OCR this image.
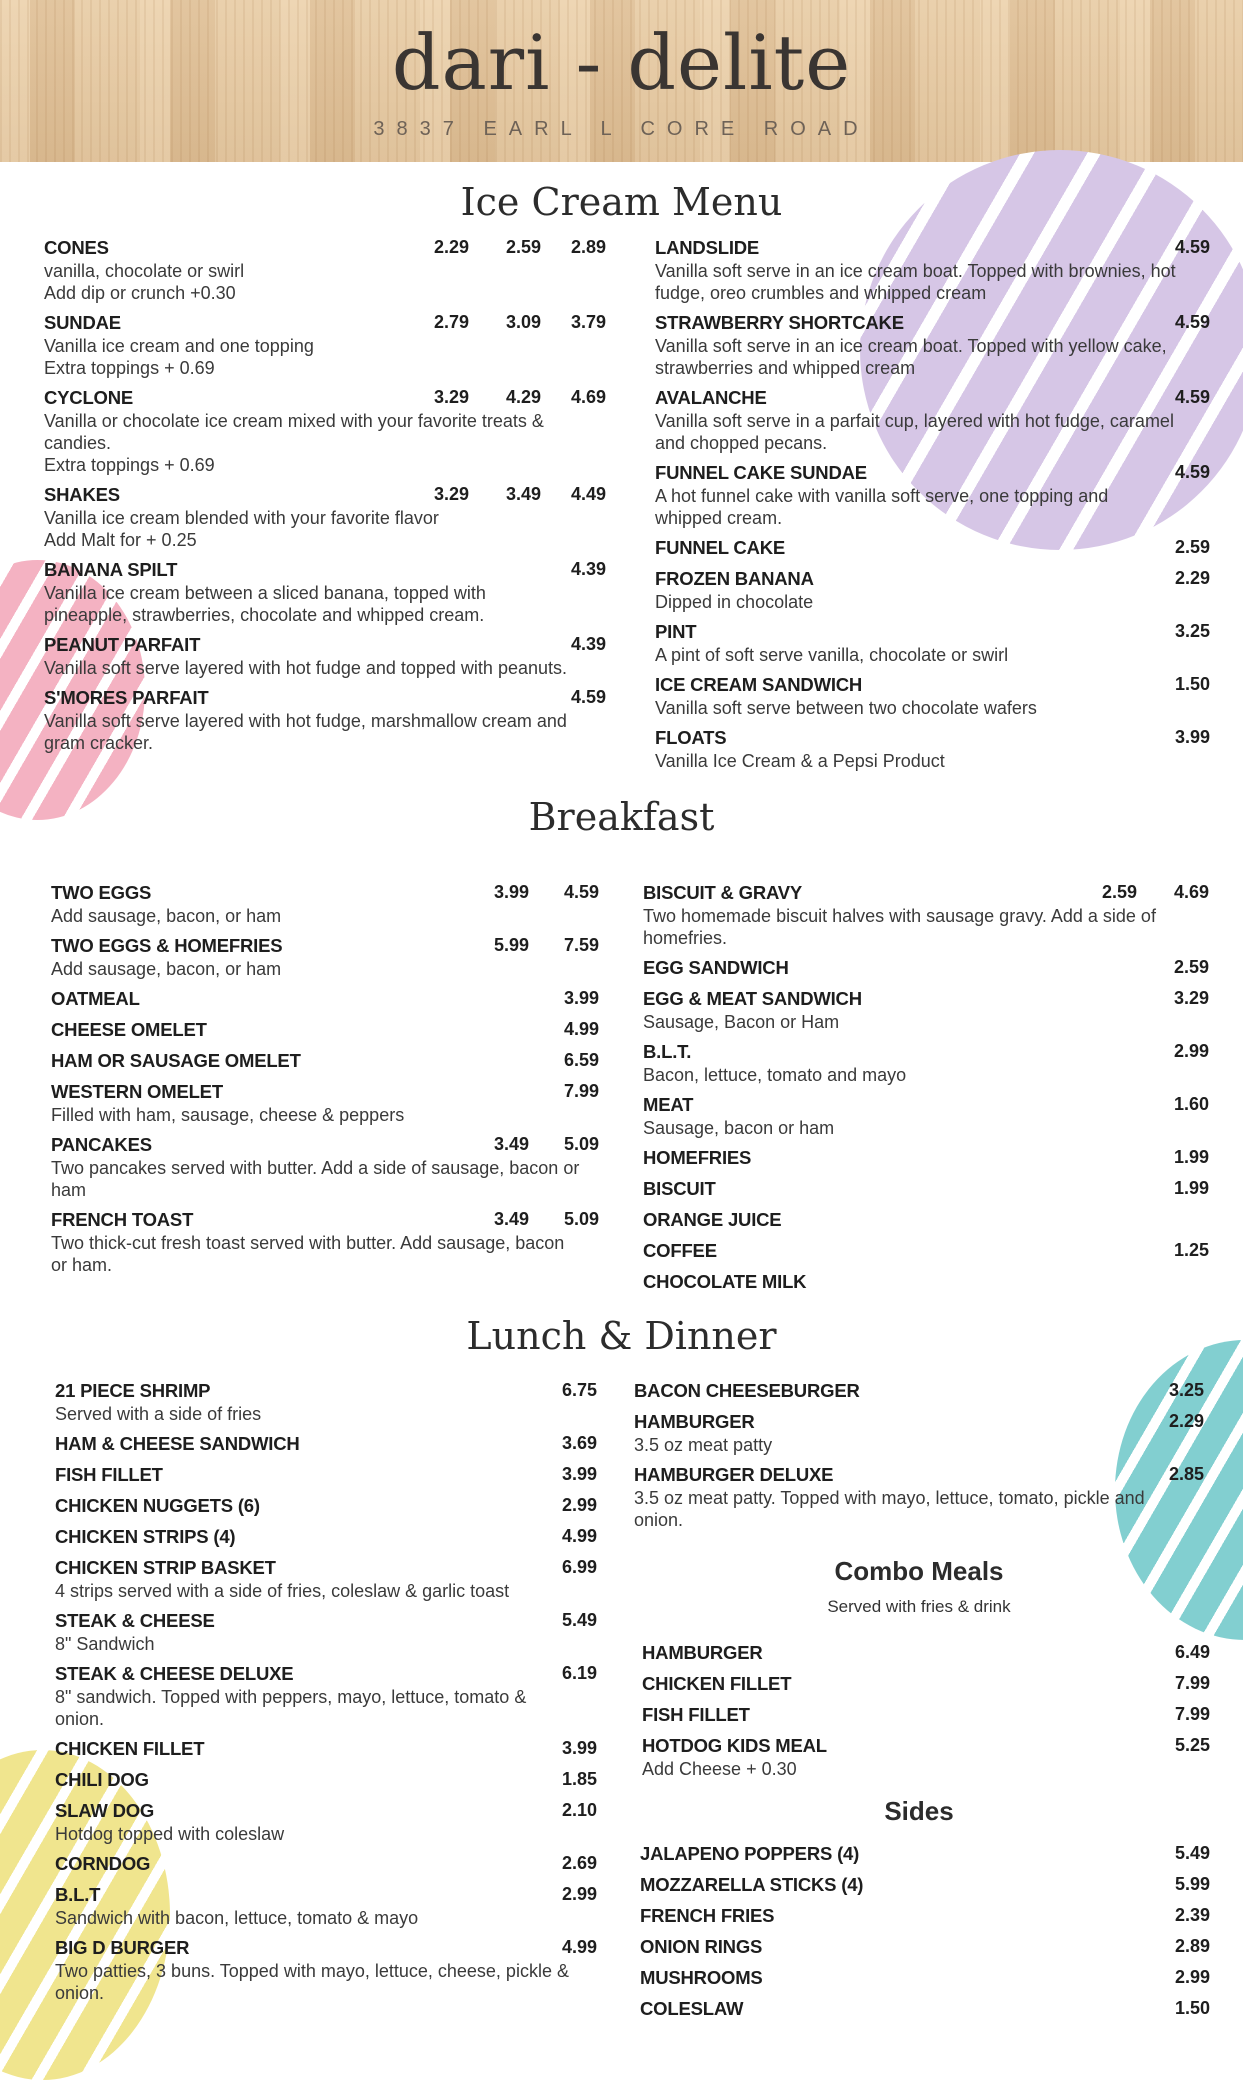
dari - delite
3837 EARL L CORE ROAD
Ice Cream Menu
CONES	2.29	2.59	2.89
vanilla, chocolate or swirl
Add dip or crunch +0.30
SUNDAE	2.79	3.09	3.79
Vanilla ice cream and one topping
Extra toppings + 0.69
CYCLONE	3.29	4.29	4.69
Vanilla or chocolate ice cream mixed with your favorite treats &
candies.
Extra toppings + 0.69
SHAKES	3.29	3.49	4.49
Vanilla ice cream blended with your favorite flavor
Add Malt for + 0.25
BANANA SPILT	4.39
Vanilla ice cream between a sliced banana, topped with
pineapple, strawberries, chocolate and whipped cream.
PEANUT PARFAIT	4.39
Vanilla soft serve layered with hot fudge and topped with peanuts.
S'MORES PARFAIT	4.59
Vanilla soft serve layered with hot fudge, marshmallow cream and
gram cracker.
LANDSLIDE	4.59
Vanilla soft serve in an ice cream boat. Topped with brownies, hot
fudge, oreo crumbles and whipped cream
STRAWBERRY SHORTCAKE	4.59
Vanilla soft serve in an ice cream boat. Topped with yellow cake,
strawberries and whipped cream
AVALANCHE	4.59
Vanilla soft serve in a parfait cup, layered with hot fudge, caramel
and chopped pecans.
FUNNEL CAKE SUNDAE	4.59
A hot funnel cake with vanilla soft serve, one topping and
whipped cream.
FUNNEL CAKE	2.59
FROZEN BANANA	2.29
Dipped in chocolate
PINT	3.25
A pint of soft serve vanilla, chocolate or swirl
ICE CREAM SANDWICH	1.50
Vanilla soft serve between two chocolate wafers
FLOATS	3.99
Vanilla Ice Cream & a Pepsi Product
Breakfast
TWO EGGS	3.99	4.59
Add sausage, bacon, or ham
TWO EGGS & HOMEFRIES	5.99	7.59
Add sausage, bacon, or ham
OATMEAL	3.99
CHEESE OMELET	4.99
HAM OR SAUSAGE OMELET	6.59
WESTERN OMELET	7.99
Filled with ham, sausage, cheese & peppers
PANCAKES	3.49	5.09
Two pancakes served with butter. Add a side of sausage, bacon or
ham
FRENCH TOAST	3.49	5.09
Two thick-cut fresh toast served with butter. Add sausage, bacon
or ham.
BISCUIT & GRAVY	2.59	4.69
Two homemade biscuit halves with sausage gravy. Add a side of
homefries.
EGG SANDWICH	2.59
EGG & MEAT SANDWICH	3.29
Sausage, Bacon or Ham
B.L.T.	2.99
Bacon, lettuce, tomato and mayo
MEAT	1.60
Sausage, bacon or ham
HOMEFRIES	1.99
BISCUIT	1.99
ORANGE JUICE
COFFEE	1.25
CHOCOLATE MILK
Lunch & Dinner
21 PIECE SHRIMP	6.75
Served with a side of fries
HAM & CHEESE SANDWICH	3.69
FISH FILLET	3.99
CHICKEN NUGGETS (6)	2.99
CHICKEN STRIPS (4)	4.99
CHICKEN STRIP BASKET	6.99
4 strips served with a side of fries, coleslaw & garlic toast
STEAK & CHEESE	5.49
8" Sandwich
STEAK & CHEESE DELUXE	6.19
8" sandwich. Topped with peppers, mayo, lettuce, tomato &
onion.
CHICKEN FILLET	3.99
CHILI DOG	1.85
SLAW DOG	2.10
Hotdog topped with coleslaw
CORNDOG	2.69
B.L.T	2.99
Sandwich with bacon, lettuce, tomato & mayo
BIG D BURGER	4.99
Two patties, 3 buns. Topped with mayo, lettuce, cheese, pickle &
onion.
BACON CHEESEBURGER	3.25
HAMBURGER	2.29
3.5 oz meat patty
HAMBURGER DELUXE	2.85
3.5 oz meat patty. Topped with mayo, lettuce, tomato, pickle and
onion.
Combo Meals
Served with fries & drink
HAMBURGER	6.49
CHICKEN FILLET	7.99
FISH FILLET	7.99
HOTDOG KIDS MEAL	5.25
Add Cheese + 0.30
Sides
JALAPENO POPPERS (4)	5.49
MOZZARELLA STICKS (4)	5.99
FRENCH FRIES	2.39
ONION RINGS	2.89
MUSHROOMS	2.99
COLESLAW	1.50
